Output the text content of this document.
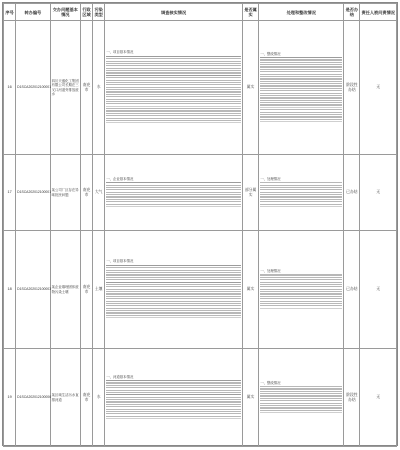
序号	转办编号	交办问题基本情况	行政区域	污染类型	调查核实情况	是否属实	处理和整改情况	是否办结	责任人被问责情况
16	D1SCA202012100001	四川天盛化工集团有限公司长期在三叉口河道旁排放废水	南充市	水	一、项目基本情况	属实	一、整改情况	阶段性办结	无
17	D1SCA202012100001	某公司厂区存在异味扰民问题	南充市	大气	一、企业基本情况	部分属实	一、处理情况	已办结	无
18	D1SCA202012100003	某企业填埋固体废物污染土壤	南充市	土壤	一、项目基本情况	属实	一、处理情况	已办结	无
19	D1SCA202012100006	某区域生活污水直排河道	南充市	水	一、河道基本情况	属实	一、整改情况	阶段性办结	无
